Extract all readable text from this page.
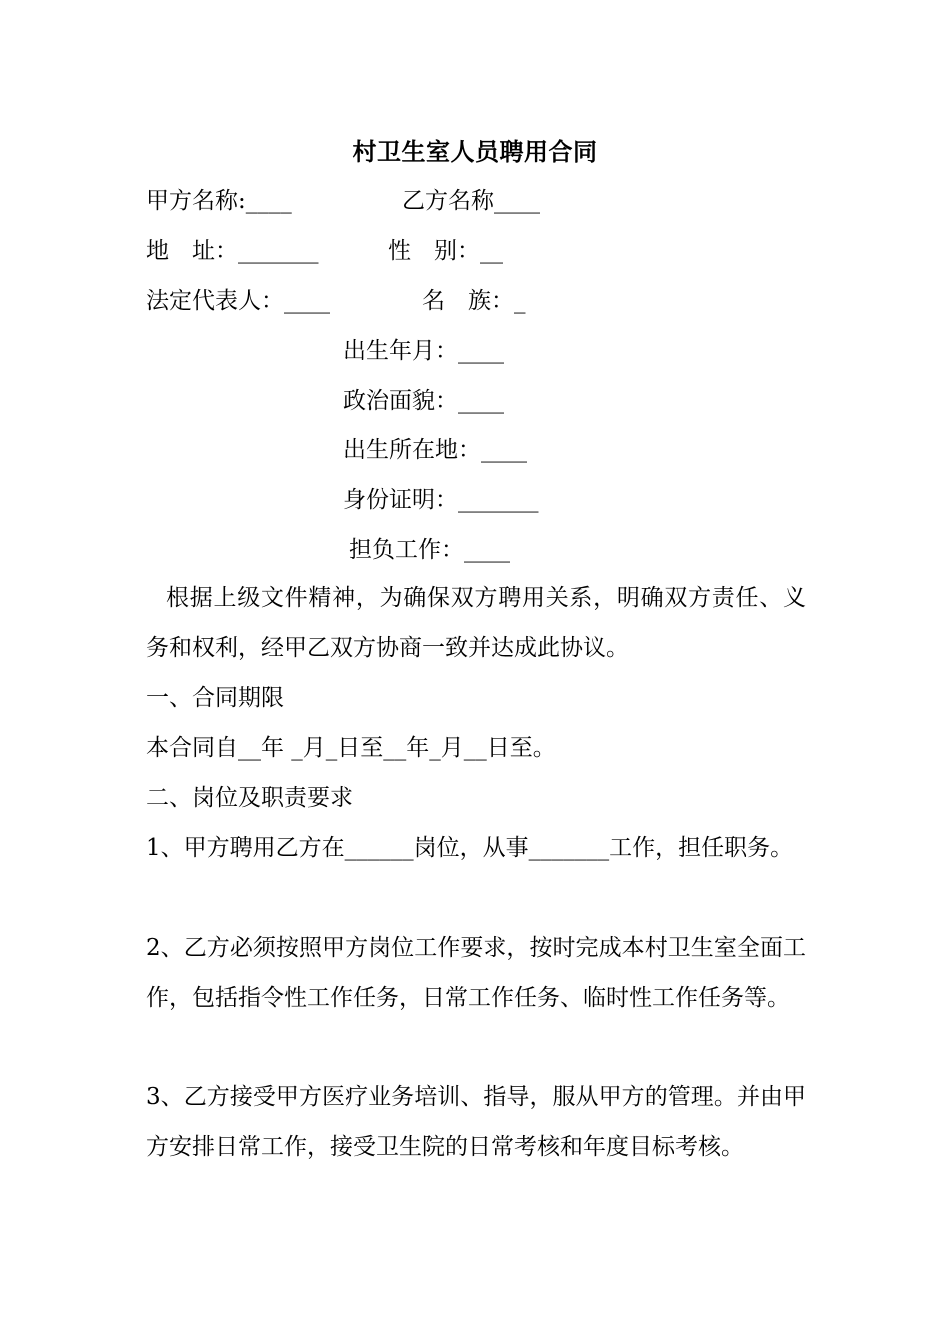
村卫生室人员聘用合同
甲方名称:____	乙方名称____
地　址：_______	性　别：__
法定代表人：____	名　族：_
出生年月：____
政治面貌：____
出生所在地：____
身份证明：_______
担负工作：____
根据上级文件精神，为确保双方聘用关系，明确双方责任、义务和权利，经甲乙双方协商一致并达成此协议。
一、合同期限
本合同自__年 _月_日至__年_月__日至。
二、岗位及职责要求
1、甲方聘用乙方在______岗位，从事_______工作，担任职务。
2、乙方必须按照甲方岗位工作要求，按时完成本村卫生室全面工作，包括指令性工作任务，日常工作任务、临时性工作任务等。
3、乙方接受甲方医疗业务培训、指导，服从甲方的管理。并由甲方安排日常工作，接受卫生院的日常考核和年度目标考核。
